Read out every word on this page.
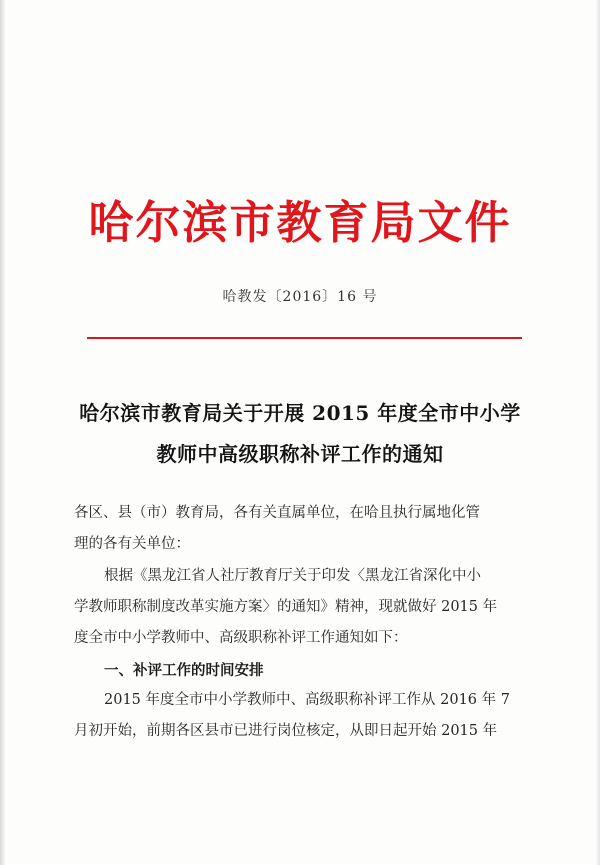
哈尔滨市教育局文件
哈教发〔2016〕16 号
哈尔滨市教育局关于开展 2015 年度全市中小学
教师中高级职称补评工作的通知
各区、县（市）教育局，各有关直属单位，在哈且执行属地化管
理的各有关单位：
根据《黑龙江省人社厅教育厅关于印发〈黑龙江省深化中小
学教师职称制度改革实施方案〉的通知》精神，现就做好 2015 年
度全市中小学教师中、高级职称补评工作通知如下：
一、补评工作的时间安排
2015 年度全市中小学教师中、高级职称补评工作从 2016 年 7
月初开始，前期各区县市已进行岗位核定，从即日起开始 2015 年
